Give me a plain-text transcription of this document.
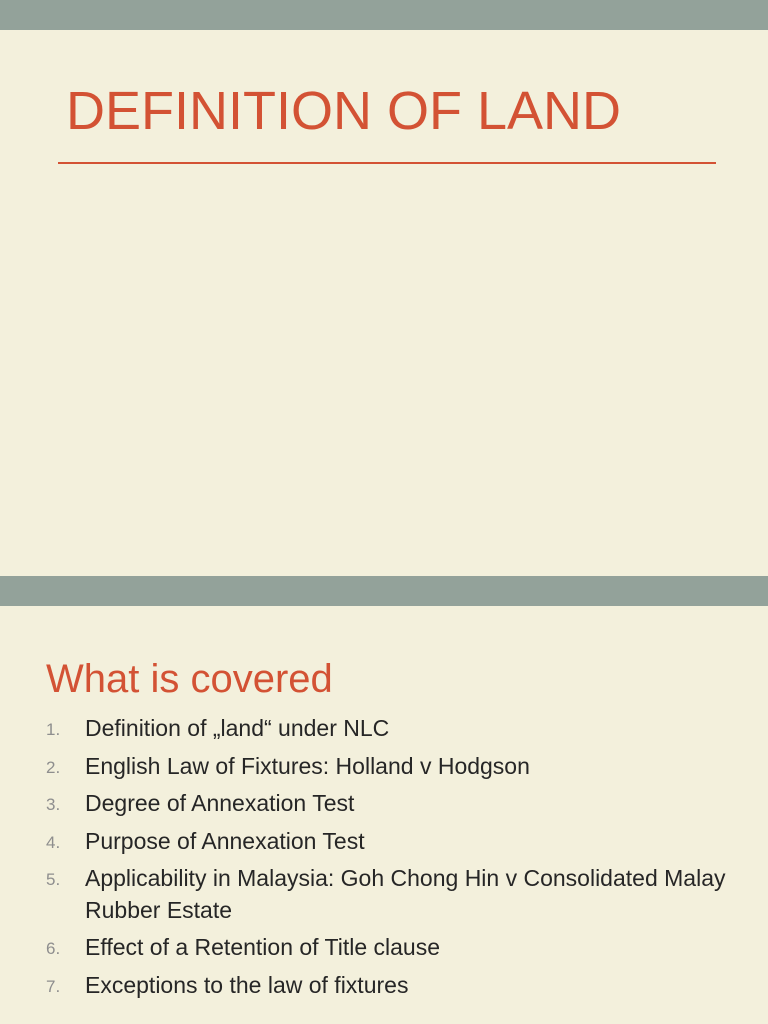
DEFINITION OF LAND
What is covered
1. Definition of „land“ under NLC
2. English Law of Fixtures: Holland v Hodgson
3. Degree of Annexation Test
4. Purpose of Annexation Test
5. Applicability in Malaysia: Goh Chong Hin v Consolidated Malay Rubber Estate
6. Effect of a Retention of Title clause
7. Exceptions to the law of fixtures
